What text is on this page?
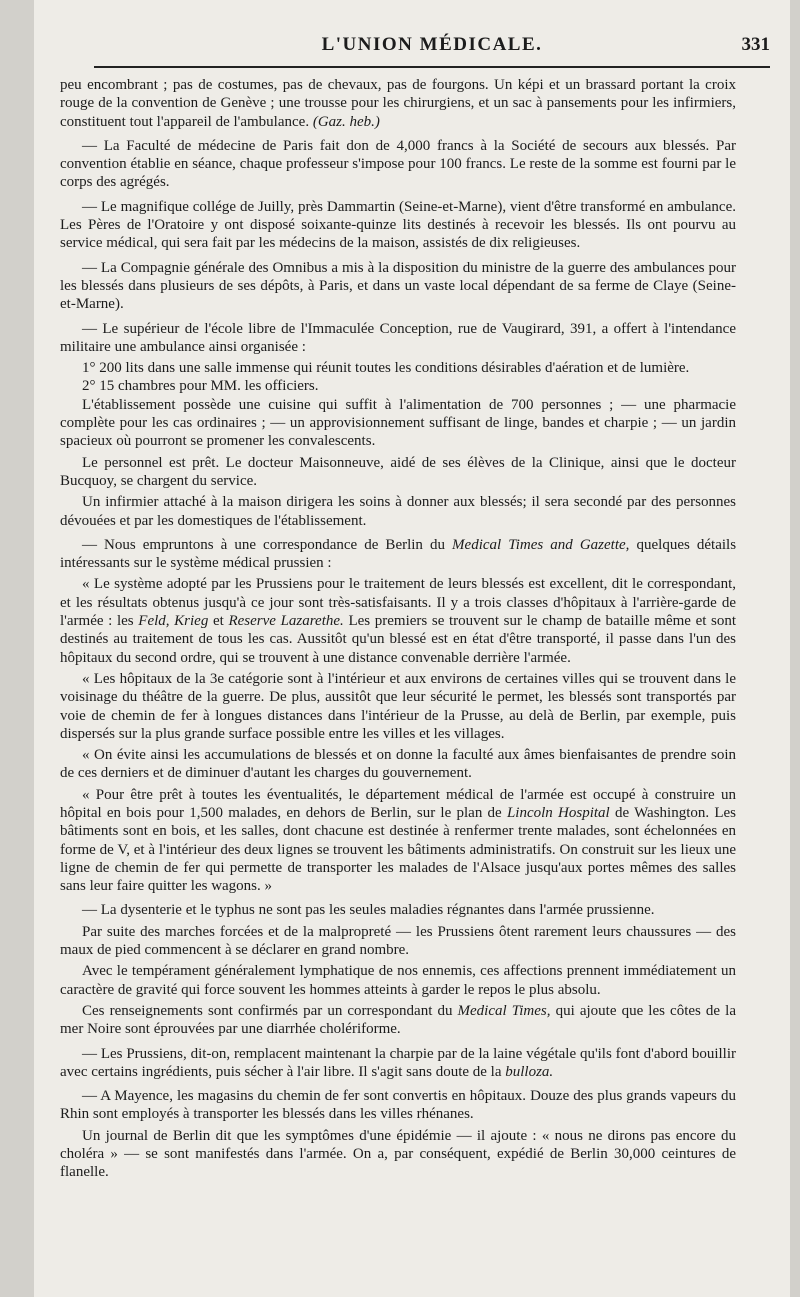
L'UNION MÉDICALE.	331

peu encombrant ; pas de costumes, pas de chevaux, pas de fourgons. Un képi et un brassard portant la croix rouge de la convention de Genève ; une trousse pour les chirurgiens, et un sac à pansements pour les infirmiers, constituent tout l'appareil de l'ambulance. (Gaz. heb.)

— La Faculté de médecine de Paris fait don de 4,000 francs à la Société de secours aux blessés. Par convention établie en séance, chaque professeur s'impose pour 100 francs. Le reste de la somme est fourni par le corps des agrégés.

— Le magnifique collége de Juilly, près Dammartin (Seine-et-Marne), vient d'être transformé en ambulance. Les Pères de l'Oratoire y ont disposé soixante-quinze lits destinés à recevoir les blessés. Ils ont pourvu au service médical, qui sera fait par les médecins de la maison, assistés de dix religieuses.

— La Compagnie générale des Omnibus a mis à la disposition du ministre de la guerre des ambulances pour les blessés dans plusieurs de ses dépôts, à Paris, et dans un vaste local dépendant de sa ferme de Claye (Seine-et-Marne).

— Le supérieur de l'école libre de l'Immaculée Conception, rue de Vaugirard, 391, a offert à l'intendance militaire une ambulance ainsi organisée :

1° 200 lits dans une salle immense qui réunit toutes les conditions désirables d'aération et de lumière.

2° 15 chambres pour MM. les officiers.

L'établissement possède une cuisine qui suffit à l'alimentation de 700 personnes ; — une pharmacie complète pour les cas ordinaires ; — un approvisionnement suffisant de linge, bandes et charpie ; — un jardin spacieux où pourront se promener les convalescents.

Le personnel est prêt. Le docteur Maisonneuve, aidé de ses élèves de la Clinique, ainsi que le docteur Bucquoy, se chargent du service.

Un infirmier attaché à la maison dirigera les soins à donner aux blessés; il sera secondé par des personnes dévouées et par les domestiques de l'établissement.

— Nous empruntons à une correspondance de Berlin du Medical Times and Gazette, quelques détails intéressants sur le système médical prussien :

« Le système adopté par les Prussiens pour le traitement de leurs blessés est excellent, dit le correspondant, et les résultats obtenus jusqu'à ce jour sont très-satisfaisants. Il y a trois classes d'hôpitaux à l'arrière-garde de l'armée : les Feld, Krieg et Reserve Lazarethe. Les premiers se trouvent sur le champ de bataille même et sont destinés au traitement de tous les cas. Aussitôt qu'un blessé est en état d'être transporté, il passe dans l'un des hôpitaux du second ordre, qui se trouvent à une distance convenable derrière l'armée.

« Les hôpitaux de la 3e catégorie sont à l'intérieur et aux environs de certaines villes qui se trouvent dans le voisinage du théâtre de la guerre. De plus, aussitôt que leur sécurité le permet, les blessés sont transportés par voie de chemin de fer à longues distances dans l'intérieur de la Prusse, au delà de Berlin, par exemple, puis dispersés sur la plus grande surface possible entre les villes et les villages.

« On évite ainsi les accumulations de blessés et on donne la faculté aux âmes bienfaisantes de prendre soin de ces derniers et de diminuer d'autant les charges du gouvernement.

« Pour être prêt à toutes les éventualités, le département médical de l'armée est occupé à construire un hôpital en bois pour 1,500 malades, en dehors de Berlin, sur le plan de Lincoln Hospital de Washington. Les bâtiments sont en bois, et les salles, dont chacune est destinée à renfermer trente malades, sont échelonnées en forme de V, et à l'intérieur des deux lignes se trouvent les bâtiments administratifs. On construit sur les lieux une ligne de chemin de fer qui permette de transporter les malades de l'Alsace jusqu'aux portes mêmes des salles sans leur faire quitter les wagons. »

— La dysenterie et le typhus ne sont pas les seules maladies régnantes dans l'armée prussienne.

Par suite des marches forcées et de la malpropreté — les Prussiens ôtent rarement leurs chaussures — des maux de pied commencent à se déclarer en grand nombre.

Avec le tempérament généralement lymphatique de nos ennemis, ces affections prennent immédiatement un caractère de gravité qui force souvent les hommes atteints à garder le repos le plus absolu.

Ces renseignements sont confirmés par un correspondant du Medical Times, qui ajoute que les côtes de la mer Noire sont éprouvées par une diarrhée cholériforme.

— Les Prussiens, dit-on, remplacent maintenant la charpie par de la laine végétale qu'ils font d'abord bouillir avec certains ingrédients, puis sécher à l'air libre. Il s'agit sans doute de la bulloza.

— A Mayence, les magasins du chemin de fer sont convertis en hôpitaux. Douze des plus grands vapeurs du Rhin sont employés à transporter les blessés dans les villes rhénanes.

Un journal de Berlin dit que les symptômes d'une épidémie — il ajoute : « nous ne dirons pas encore du choléra » — se sont manifestés dans l'armée. On a, par conséquent, expédié de Berlin 30,000 ceintures de flanelle.
